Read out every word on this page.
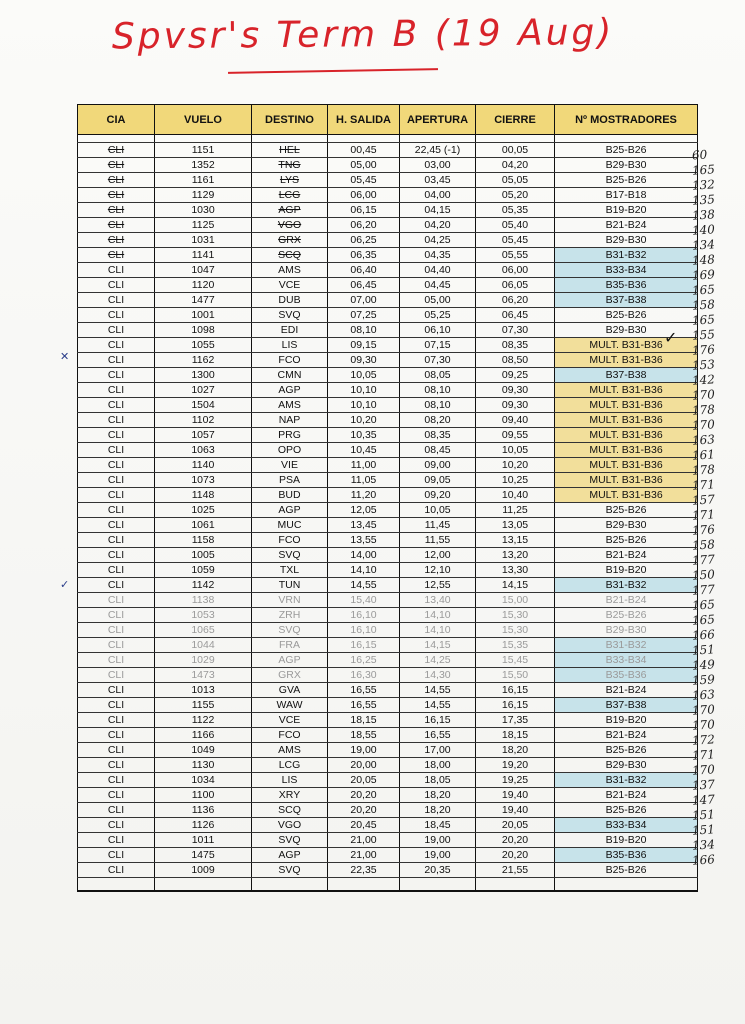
Spvsr's Term B (19 Aug)
CIA	VUELO	DESTINO	H. SALIDA	APERTURA	CIERRE	Nº MOSTRADORES

CLI	1151	HEL	00,45	22,45 (-1)	00,05	B25-B26
CLI	1352	TNG	05,00	03,00	04,20	B29-B30
CLI	1161	LYS	05,45	03,45	05,05	B25-B26
CLI	1129	LCG	06,00	04,00	05,20	B17-B18
CLI	1030	AGP	06,15	04,15	05,35	B19-B20
CLI	1125	VGO	06,20	04,20	05,40	B21-B24
CLI	1031	GRX	06,25	04,25	05,45	B29-B30
CLI	1141	SCQ	06,35	04,35	05,55	B31-B32
CLI	1047	AMS	06,40	04,40	06,00	B33-B34
CLI	1120	VCE	06,45	04,45	06,05	B35-B36
CLI	1477	DUB	07,00	05,00	06,20	B37-B38
CLI	1001	SVQ	07,25	05,25	06,45	B25-B26
CLI	1098	EDI	08,10	06,10	07,30	B29-B30
CLI	1055	LIS	09,15	07,15	08,35	MULT. B31-B36
CLI	1162	FCO	09,30	07,30	08,50	MULT. B31-B36
CLI	1300	CMN	10,05	08,05	09,25	B37-B38
CLI	1027	AGP	10,10	08,10	09,30	MULT. B31-B36
CLI	1504	AMS	10,10	08,10	09,30	MULT. B31-B36
CLI	1102	NAP	10,20	08,20	09,40	MULT. B31-B36
CLI	1057	PRG	10,35	08,35	09,55	MULT. B31-B36
CLI	1063	OPO	10,45	08,45	10,05	MULT. B31-B36
CLI	1140	VIE	11,00	09,00	10,20	MULT. B31-B36
CLI	1073	PSA	11,05	09,05	10,25	MULT. B31-B36
CLI	1148	BUD	11,20	09,20	10,40	MULT. B31-B36
CLI	1025	AGP	12,05	10,05	11,25	B25-B26
CLI	1061	MUC	13,45	11,45	13,05	B29-B30
CLI	1158	FCO	13,55	11,55	13,15	B25-B26
CLI	1005	SVQ	14,00	12,00	13,20	B21-B24
CLI	1059	TXL	14,10	12,10	13,30	B19-B20
CLI	1142	TUN	14,55	12,55	14,15	B31-B32
CLI	1138	VRN	15,40	13,40	15,00	B21-B24
CLI	1053	ZRH	16,10	14,10	15,30	B25-B26
CLI	1065	SVQ	16,10	14,10	15,30	B29-B30
CLI	1044	FRA	16,15	14,15	15,35	B31-B32
CLI	1029	AGP	16,25	14,25	15,45	B33-B34
CLI	1473	GRX	16,30	14,30	15,50	B35-B36
CLI	1013	GVA	16,55	14,55	16,15	B21-B24
CLI	1155	WAW	16,55	14,55	16,15	B37-B38
CLI	1122	VCE	18,15	16,15	17,35	B19-B20
CLI	1166	FCO	18,55	16,55	18,15	B21-B24
CLI	1049	AMS	19,00	17,00	18,20	B25-B26
CLI	1130	LCG	20,00	18,00	19,20	B29-B30
CLI	1034	LIS	20,05	18,05	19,25	B31-B32
CLI	1100	XRY	20,20	18,20	19,40	B21-B24
CLI	1136	SCQ	20,20	18,20	19,40	B25-B26
CLI	1126	VGO	20,45	18,45	20,05	B33-B34
CLI	1011	SVQ	21,00	19,00	20,20	B19-B20
CLI	1475	AGP	21,00	19,00	20,20	B35-B36
CLI	1009	SVQ	22,35	20,35	21,55	B25-B26

60
165
132
135
138
140
134
148
169
165
158
165
155
176
153
142
170
178
170
163
161
178
171
157
171
176
158
177
150
177
165
165
166
151
149
159
163
170
170
172
171
170
137
147
151
151
134
166
✕
✓
✓
